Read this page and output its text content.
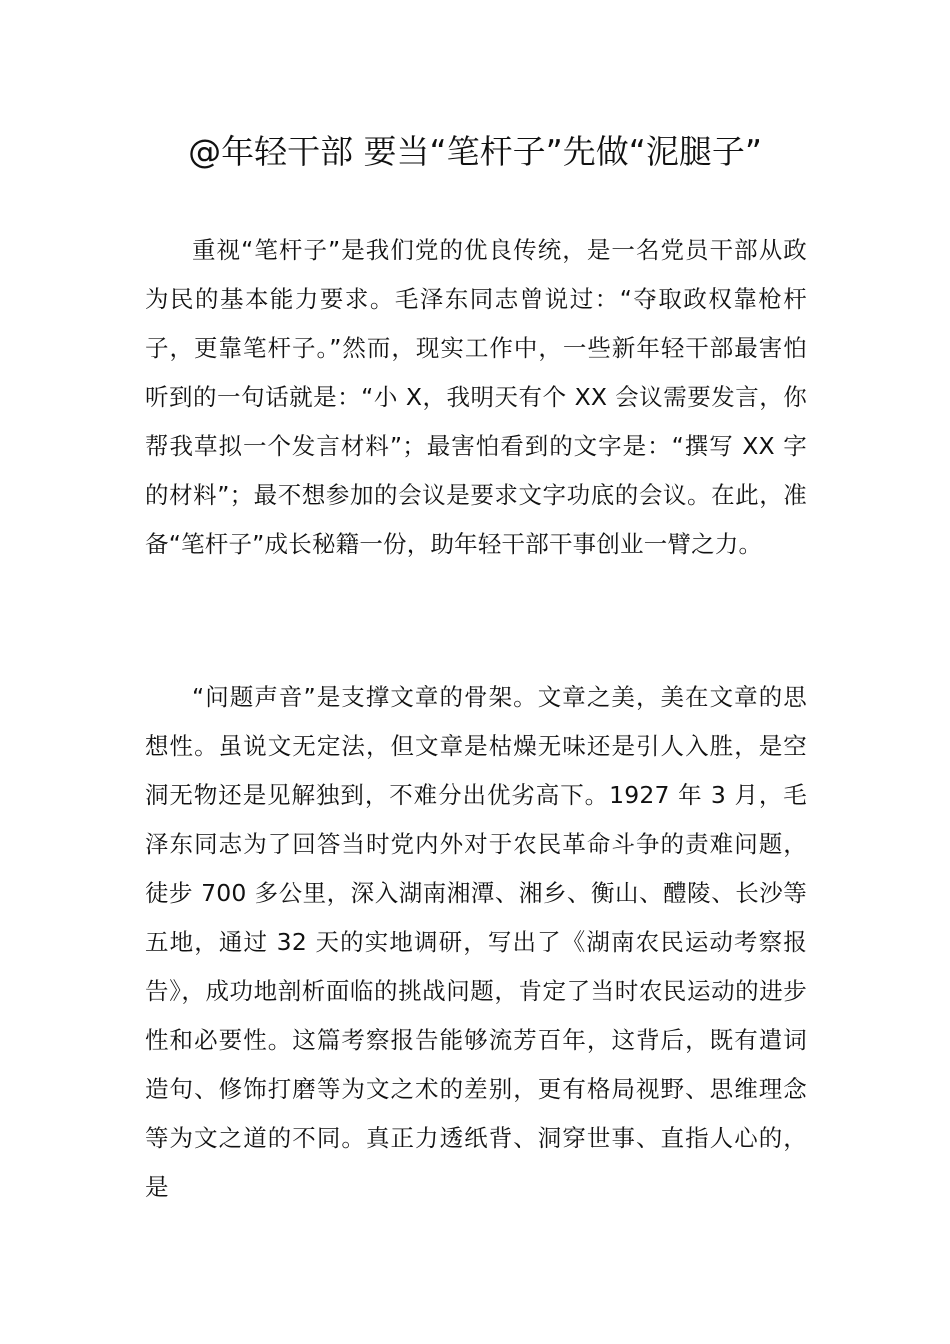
@年轻干部 要当“笔杆子”先做“泥腿子”

重视“笔杆子”是我们党的优良传统，是一名党员干部从政为民的基本能力要求。毛泽东同志曾说过：“夺取政权靠枪杆子，更靠笔杆子。”然而，现实工作中，一些新年轻干部最害怕听到的一句话就是：“小 X，我明天有个 XX 会议需要发言，你帮我草拟一个发言材料”；最害怕看到的文字是：“撰写 XX 字的材料”；最不想参加的会议是要求文字功底的会议。在此，准备“笔杆子”成长秘籍一份，助年轻干部干事创业一臂之力。

“问题声音”是支撑文章的骨架。文章之美，美在文章的思想性。虽说文无定法，但文章是枯燥无味还是引人入胜，是空洞无物还是见解独到，不难分出优劣高下。1927 年 3 月，毛泽东同志为了回答当时党内外对于农民革命斗争的责难问题，徒步 700 多公里，深入湖南湘潭、湘乡、衡山、醴陵、长沙等五地，通过 32 天的实地调研，写出了《湖南农民运动考察报告》，成功地剖析面临的挑战问题，肯定了当时农民运动的进步性和必要性。这篇考察报告能够流芳百年，这背后，既有遣词造句、修饰打磨等为文之术的差别，更有格局视野、思维理念等为文之道的不同。真正力透纸背、洞穿世事、直指人心的，是
